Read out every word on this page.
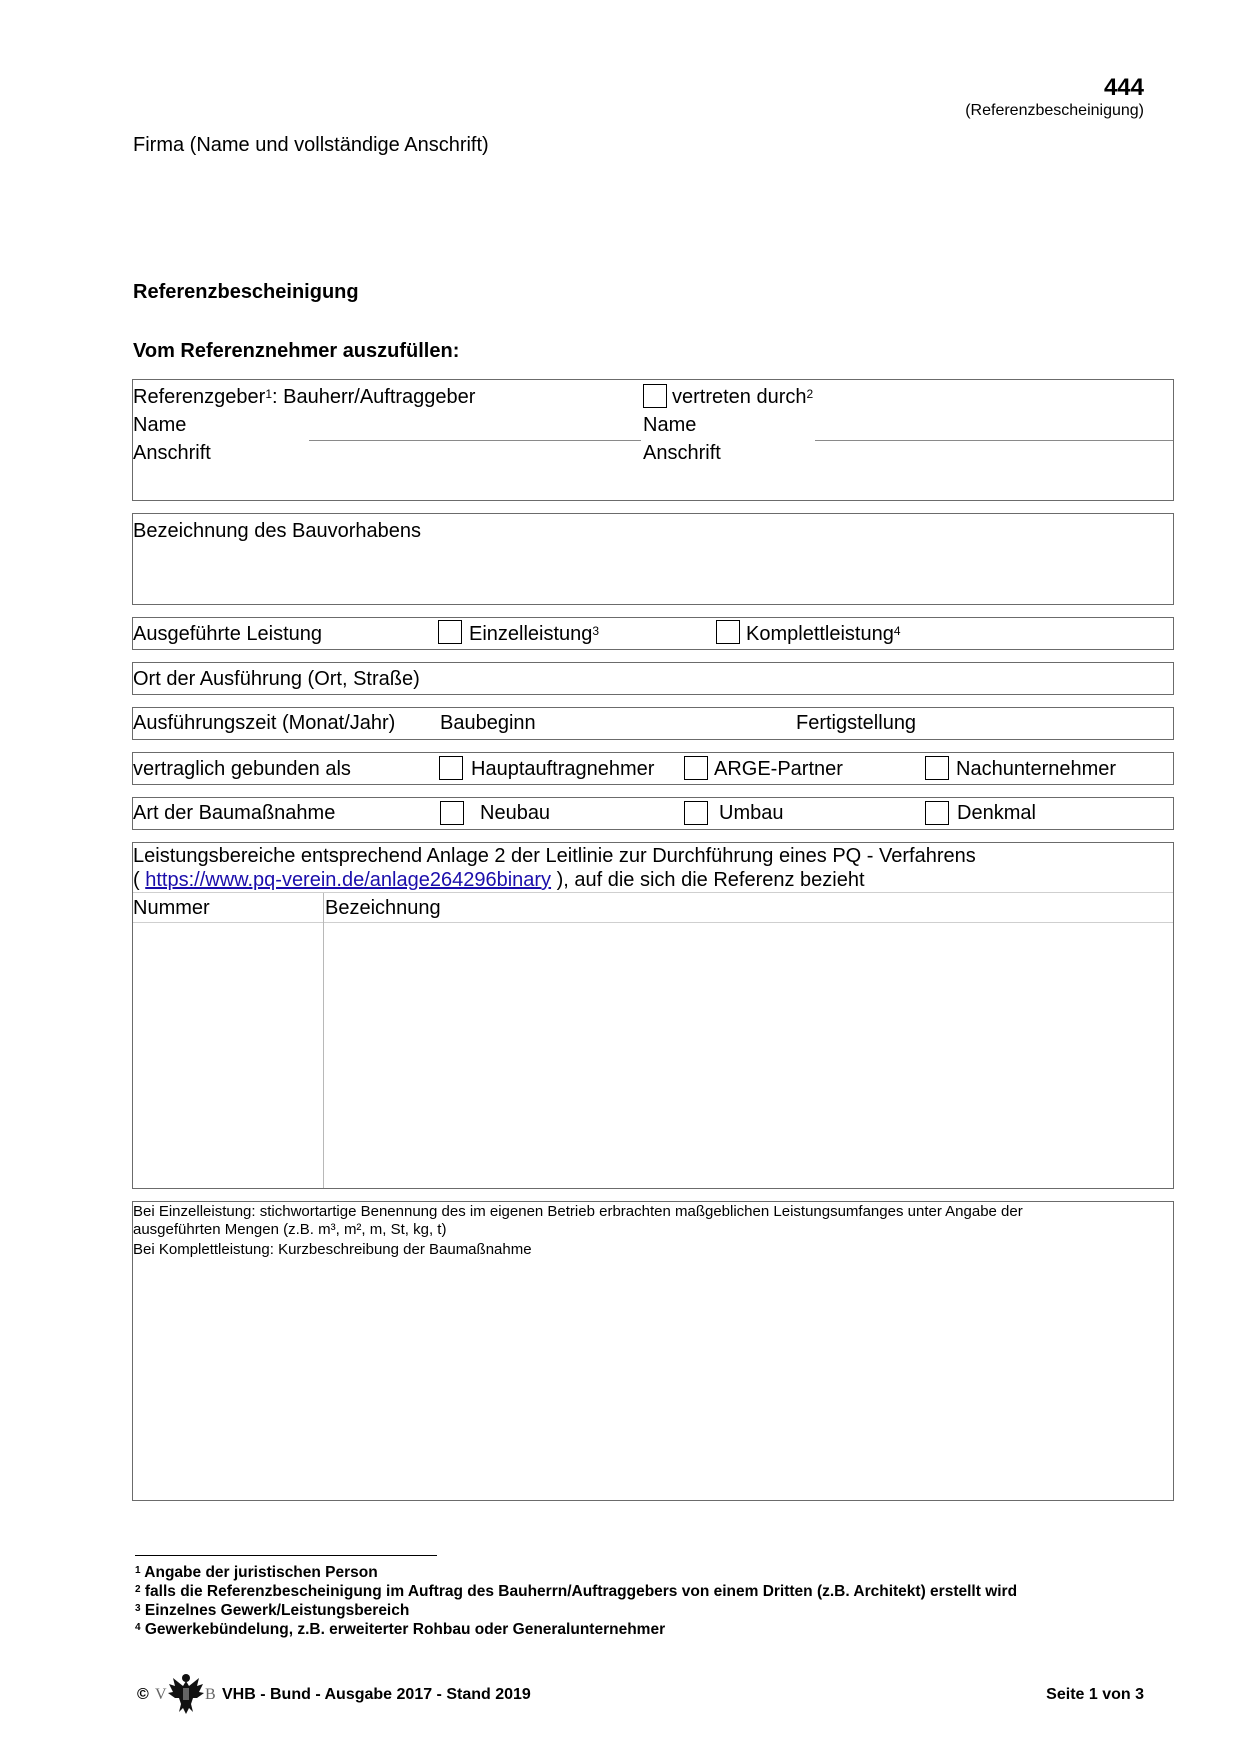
444
(Referenzbescheinigung)
Firma (Name und vollständige Anschrift)
Referenzbescheinigung
Vom Referenznehmer auszufüllen:
Referenzgeber$^1$: Bauherr/Auftraggeber
Name
Anschrift
vertreten durch$^2$
Name
Anschrift
Bezeichnung des Bauvorhabens
Ausgeführte Leistung	Einzelleistung$^3$	Komplettleistung$^4$
Ort der Ausführung (Ort, Straße)
Ausführungszeit (Monat/Jahr) Baubeginn	Fertigstellung
vertraglich gebunden als	Hauptauftragnehmer	ARGE-Partner	Nachunternehmer
Art der Baumaßnahme	Neubau	Umbau	Denkmal
Leistungsbereiche entsprechend Anlage 2 der Leitlinie zur Durchführung eines PQ - Verfahrens
( https://www.pq-verein.de/anlage264296binary ), auf die sich die Referenz bezieht
Nummer	Bezeichnung
Bei Einzelleistung: stichwortartige Benennung des im eigenen Betrieb erbrachten maßgeblichen Leistungsumfanges unter Angabe der
ausgeführten Mengen (z.B. m³, m², m, St, kg, t)
Bei Komplettleistung: Kurzbeschreibung der Baumaßnahme
$^1$ Angabe der juristischen Person
$^2$ falls die Referenzbescheinigung im Auftrag des Bauherrn/Auftraggebers von einem Dritten (z.B. Architekt) erstellt wird
$^3$ Einzelnes Gewerk/Leistungsbereich
$^4$ Gewerkebündelung, z.B. erweiterter Rohbau oder Generalunternehmer
© V B VHB - Bund - Ausgabe 2017 - Stand 2019	Seite 1 von 3
